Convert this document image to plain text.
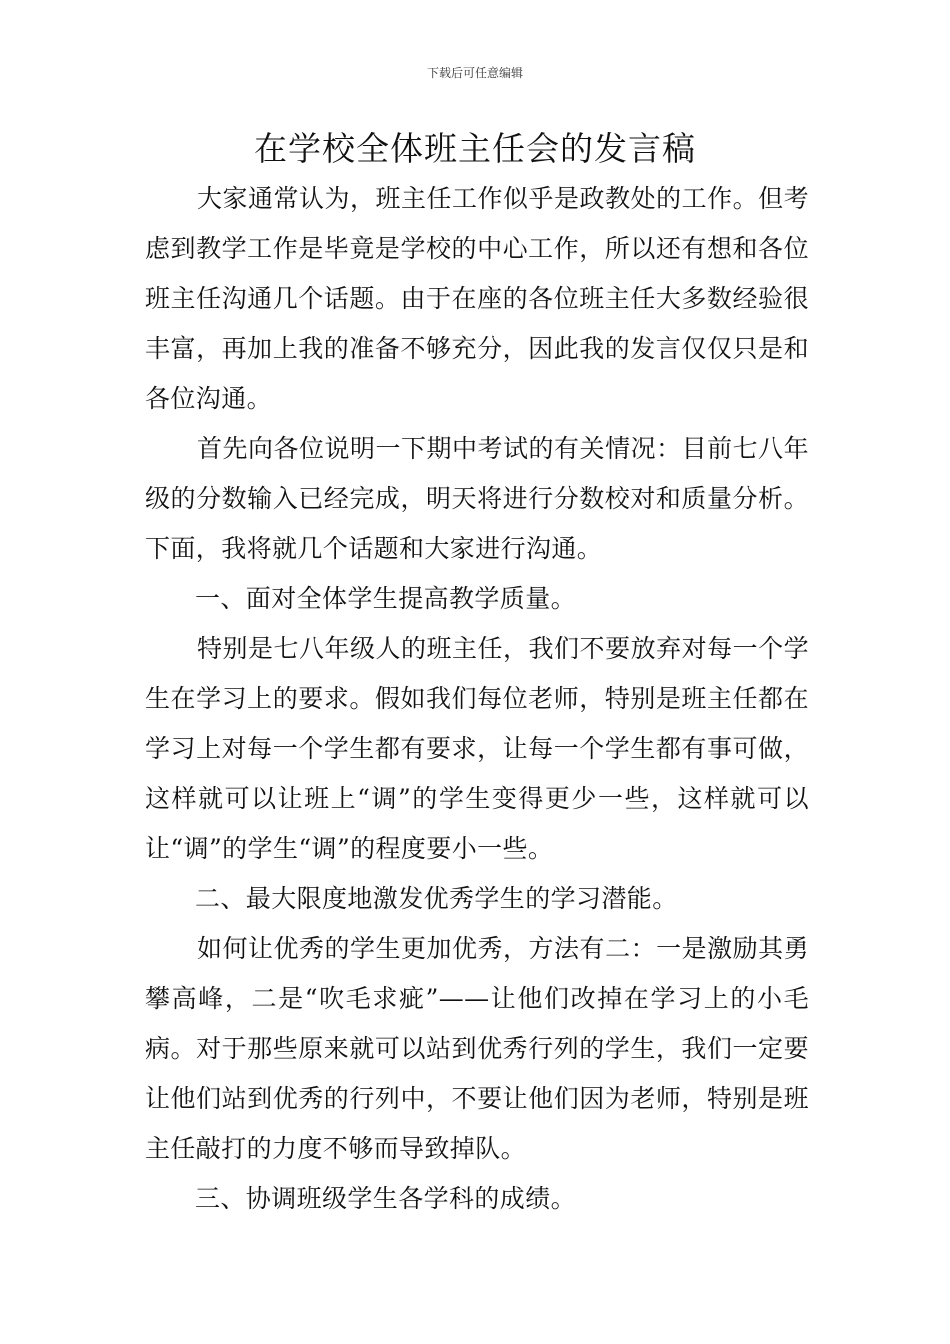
下载后可任意编辑
在学校全体班主任会的发言稿

大家通常认为，班主任工作似乎是政教处的工作。但考虑到教学工作是毕竟是学校的中心工作，所以还有想和各位班主任沟通几个话题。由于在座的各位班主任大多数经验很丰富，再加上我的准备不够充分，因此我的发言仅仅只是和各位沟通。

首先向各位说明一下期中考试的有关情况：目前七八年级的分数输入已经完成，明天将进行分数校对和质量分析。下面，我将就几个话题和大家进行沟通。

一、面对全体学生提高教学质量。

特别是七八年级人的班主任，我们不要放弃对每一个学生在学习上的要求。假如我们每位老师，特别是班主任都在学习上对每一个学生都有要求，让每一个学生都有事可做，这样就可以让班上“调”的学生变得更少一些，这样就可以让“调”的学生“调”的程度要小一些。

二、最大限度地激发优秀学生的学习潜能。

如何让优秀的学生更加优秀，方法有二：一是激励其勇攀高峰，二是“吹毛求疵”——让他们改掉在学习上的小毛病。对于那些原来就可以站到优秀行列的学生，我们一定要让他们站到优秀的行列中，不要让他们因为老师，特别是班主任敲打的力度不够而导致掉队。

三、协调班级学生各学科的成绩。
